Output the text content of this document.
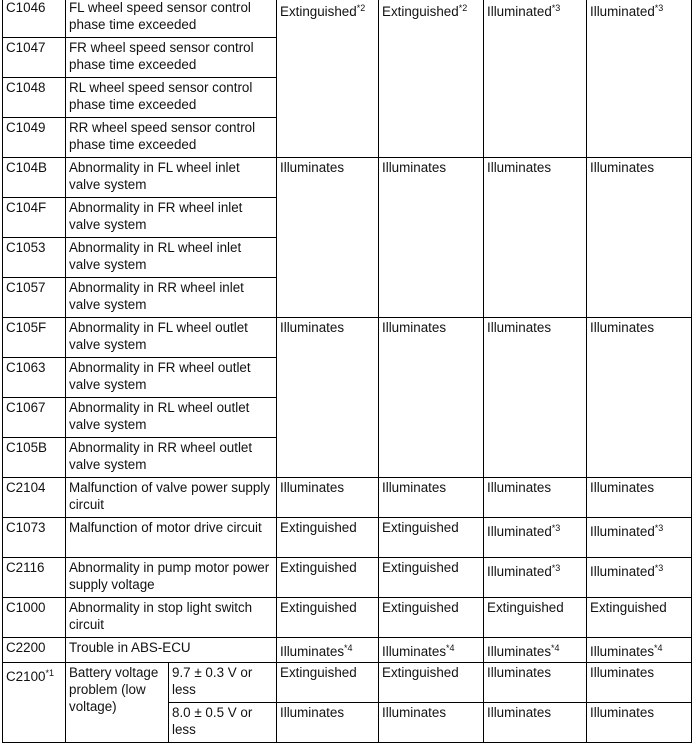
C1046	FL wheel speed sensor control phase time exceeded		Extinguished$^{*2}$	Extinguished$^{*2}$	Illuminated$^{*3}$	Illuminated$^{*3}$
C1047	FR wheel speed sensor control phase time exceeded					
C1048	RL wheel speed sensor control phase time exceeded					
C1049	RR wheel speed sensor control phase time exceeded					
C104B	Abnormality in FL wheel inlet valve system		Illuminates	Illuminates	Illuminates	Illuminates
C104F	Abnormality in FR wheel inlet valve system					
C1053	Abnormality in RL wheel inlet valve system					
C1057	Abnormality in RR wheel inlet valve system					
C105F	Abnormality in FL wheel outlet valve system		Illuminates	Illuminates	Illuminates	Illuminates
C1063	Abnormality in FR wheel outlet valve system					
C1067	Abnormality in RL wheel outlet valve system					
C105B	Abnormality in RR wheel outlet valve system					
C2104	Malfunction of valve power supply circuit		Illuminates	Illuminates	Illuminates	Illuminates
C1073	Malfunction of motor drive circuit		Extinguished	Extinguished	Illuminated$^{*3}$	Illuminated$^{*3}$
C2116	Abnormality in pump motor power supply voltage		Extinguished	Extinguished	Illuminated$^{*3}$	Illuminated$^{*3}$
C1000	Abnormality in stop light switch circuit		Extinguished	Extinguished	Extinguished	Extinguished
C2200	Trouble in ABS-ECU		Illuminates$^{*4}$	Illuminates$^{*4}$	Illuminates$^{*4}$	Illuminates$^{*4}$
C2100$^{*1}$	Battery voltage problem (low voltage)	9.7 ± 0.3 V or less	Extinguished	Extinguished	Illuminates	Illuminates
		8.0 ± 0.5 V or less	Illuminates	Illuminates	Illuminates	Illuminates
